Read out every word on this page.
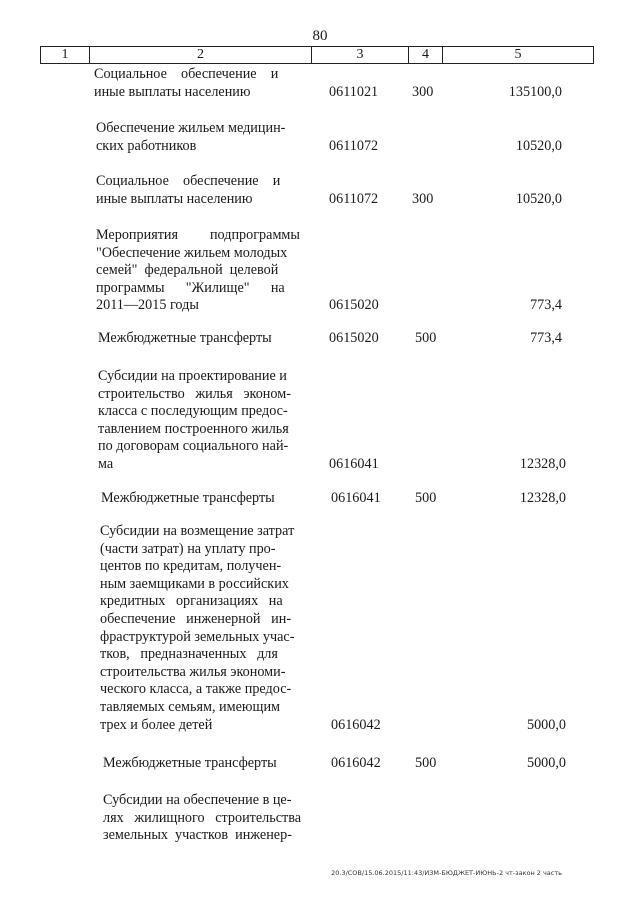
80
1	2	3	4	5
Социальное    обеспечение    и
иные выплаты населению	0611021 300	135100,0
Обеспечение жильем медицин-
ских работников	0611072	10520,0
Социальное    обеспечение    и
иные выплаты населению	0611072 300	10520,0
Мероприятия         подпрограммы
"Обеспечение жильем молодых
семей"  федеральной  целевой
программы      "Жилище"      на
2011—2015 годы	0615020	773,4
Межбюджетные трансферты	0615020	500	773,4
Субсидии на проектирование и
строительство   жилья   эконом-
класса с последующим предос-
тавлением построенного жилья
по договорам социального най-
ма	0616041	12328,0
Межбюджетные трансферты	0616041 500	12328,0
Субсидии на возмещение затрат
(части затрат) на уплату про-
центов по кредитам, получен-
ным заемщиками в российских
кредитных   организациях   на
обеспечение   инженерной   ин-
фраструктурой земельных учас-
тков,   предназначенных   для
строительства жилья экономи-
ческого класса, а также предос-
тавляемых семьям, имеющим
трех и более детей	0616042	5000,0
Межбюджетные трансферты	0616042 500	5000,0
Субсидии на обеспечение в це-
лях   жилищного   строительства
земельных  участков  инженер-
20.3/СОВ/15.06.2015/11:43/ИЗМ-БЮДЖЕТ-ИЮНЬ-2 чт-закон 2 часть
